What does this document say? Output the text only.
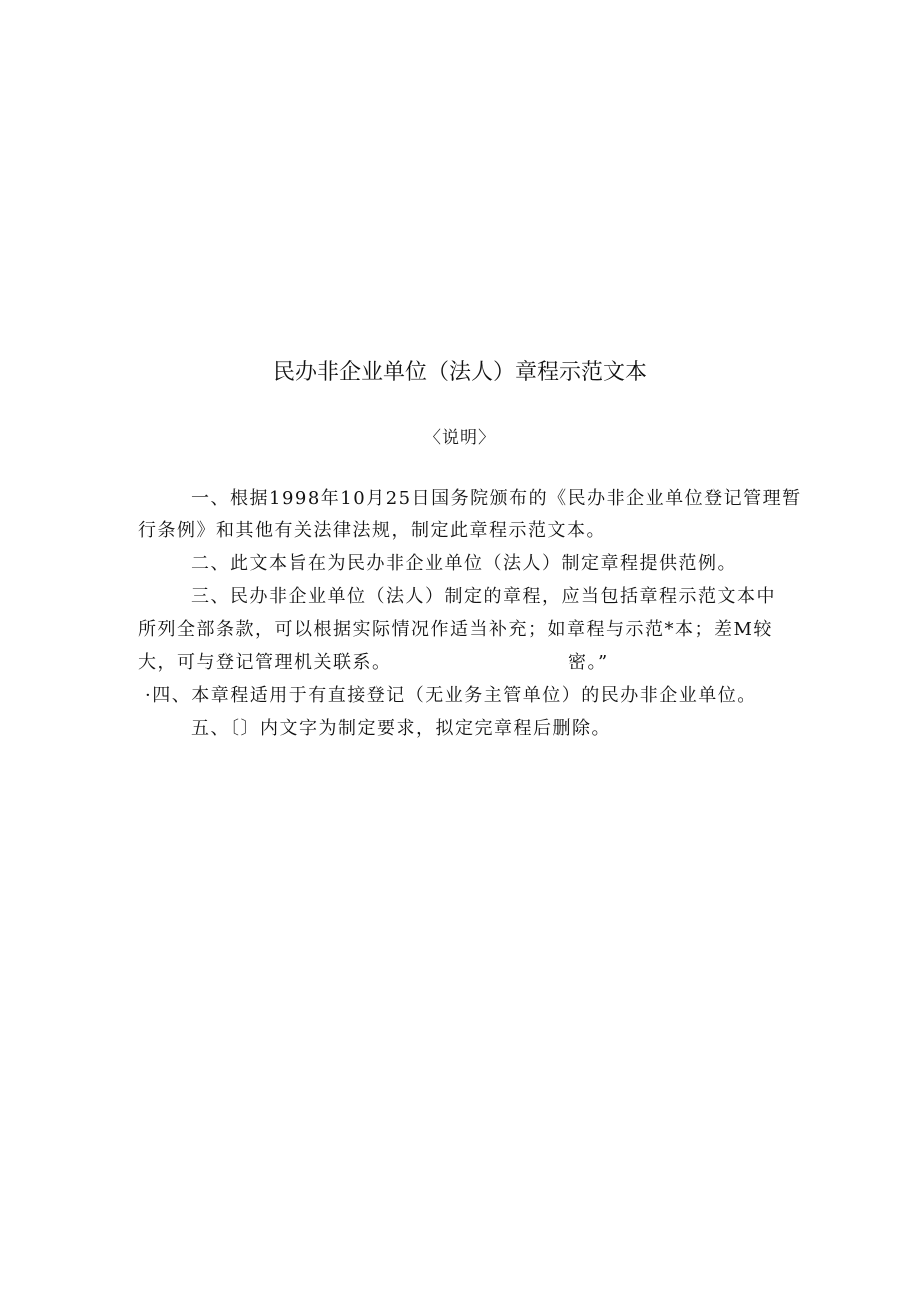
民办非企业单位（法人）章程示范文本
〈说明〉
一、根据1998年10月25日国务院颁布的《民办非企业单位登记管理暂
行条例》和其他有关法律法规，制定此章程示范文本。
二、此文本旨在为民办非企业单位（法人）制定章程提供范例。
三、民办非企业单位（法人）制定的章程，应当包括章程示范文本中
所列全部条款，可以根据实际情况作适当补充；如章程与示范*本；差M较
大，可与登记管理机关联系。	密。”
·四、本章程适用于有直接登记（无业务主管单位）的民办非企业单位。
五、〔〕内文字为制定要求，拟定完章程后删除。
